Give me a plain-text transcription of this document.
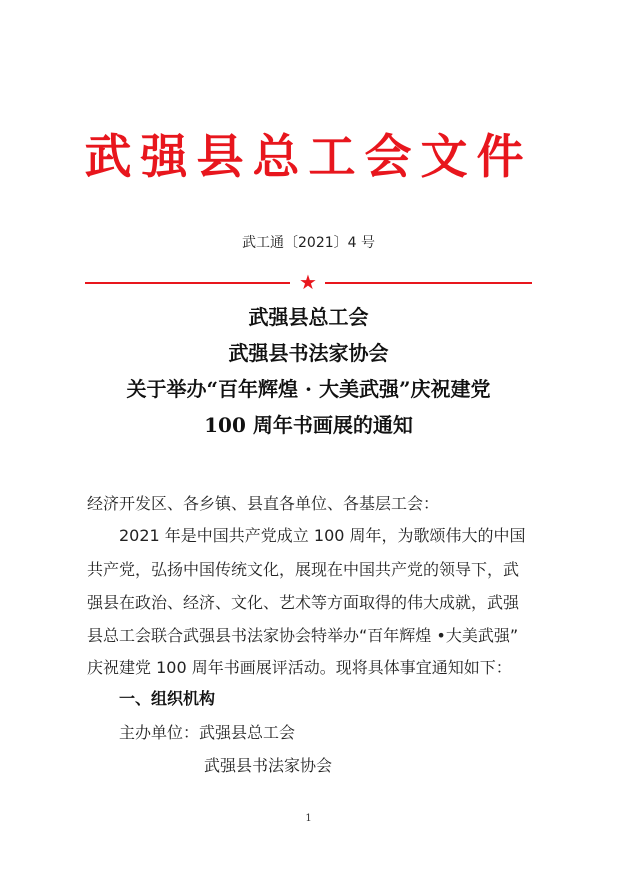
武强县总工会文件
武工通〔2021〕4 号
★
武强县总工会
武强县书法家协会
关于举办“百年辉煌 · 大美武强”庆祝建党
100 周年书画展的通知
经济开发区、各乡镇、县直各单位、各基层工会：
2021 年是中国共产党成立 100 周年，为歌颂伟大的中国
共产党，弘扬中国传统文化，展现在中国共产党的领导下，武
强县在政治、经济、文化、艺术等方面取得的伟大成就，武强
县总工会联合武强县书法家协会特举办“百年辉煌 •大美武强”
庆祝建党 100 周年书画展评活动。现将具体事宜通知如下：
一、组织机构
主办单位：武强县总工会
武强县书法家协会
1
